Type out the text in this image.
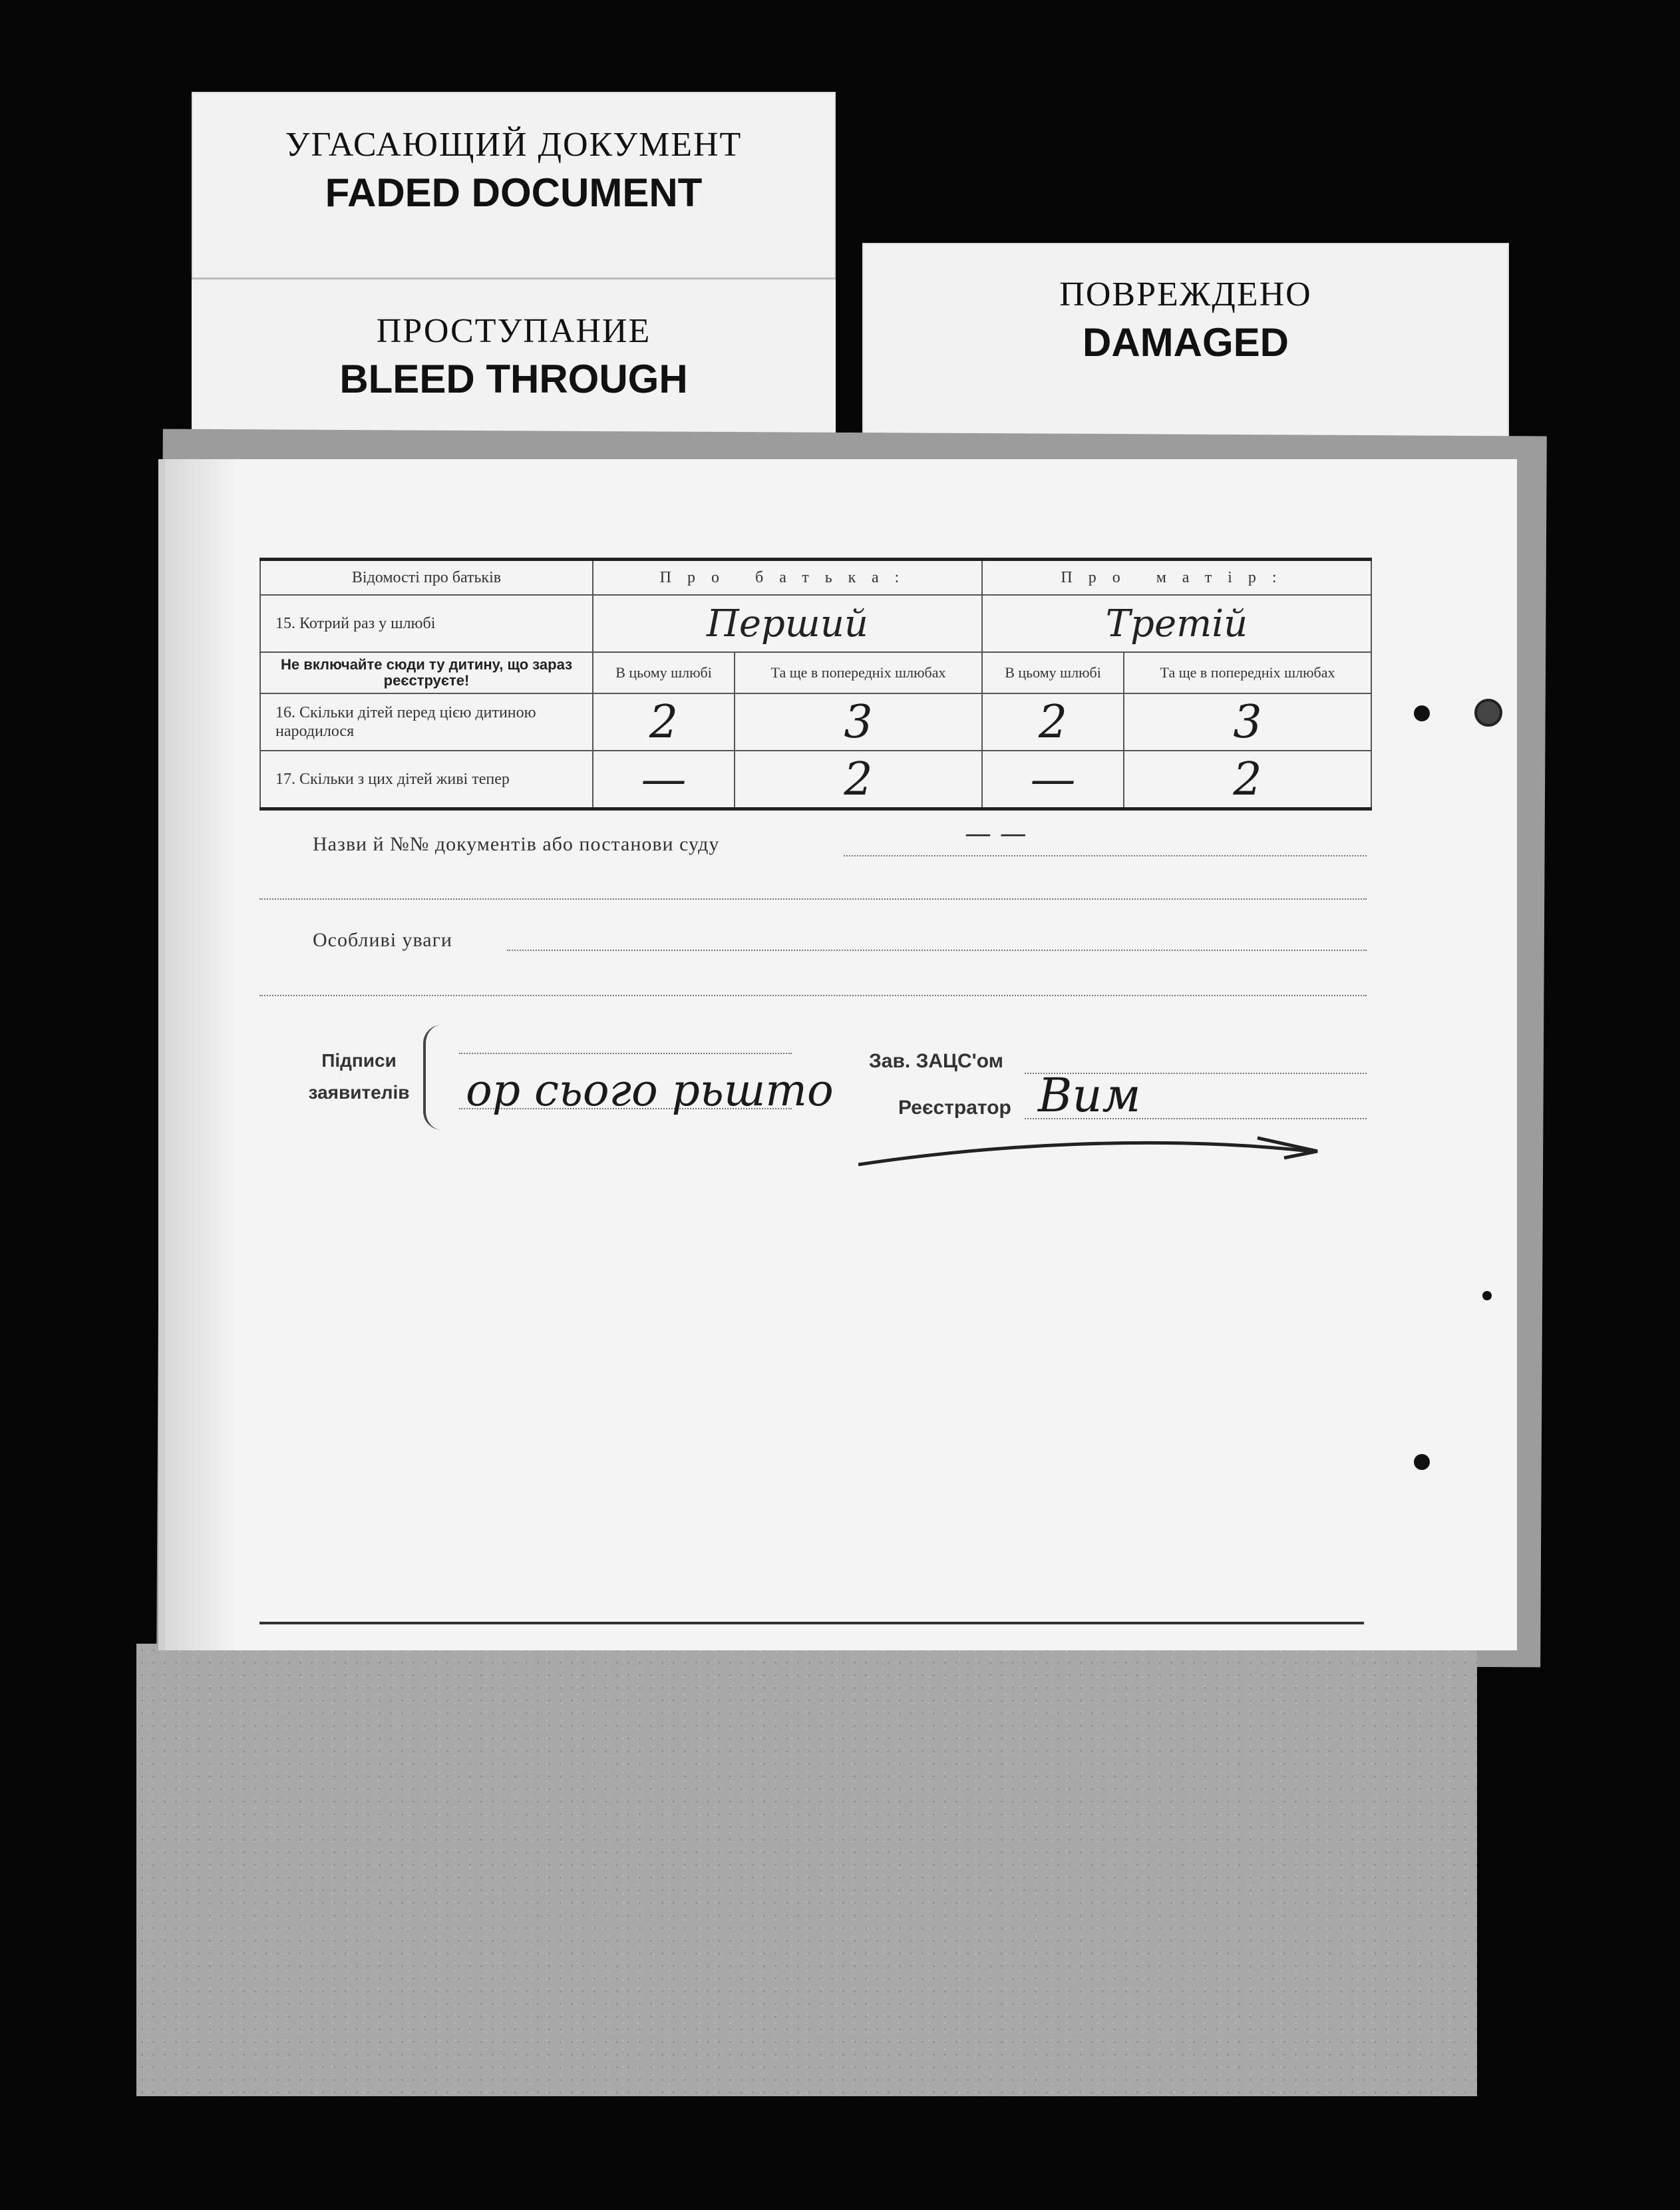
УГАСАЮЩИЙ ДОКУМЕНТ
FADED DOCUMENT
ПРОСТУПАНИЕ
BLEED THROUGH
ПОВРЕЖДЕНО
DAMAGED
Відомості про батьків	Про батька:		Про матір:	
15. Котрий раз у шлюбі	Перший		Третій	
Не включайте сюди ту дитину, що зараз реєструєте!	В цьому шлюбі	Та ще в попередніх шлюбах	В цьому шлюбі	Та ще в попередніх шлюбах
16. Скільки дітей перед цією дитиною народилося	2	3	2	3
17. Скільки з цих дітей живі тепер	—	2	—	2
Назви й №№ документів або постанови суду	— —
Особливі уваги
Підписи
заявителів ор сього рьшто
Зав. ЗАЦС'ом
Реєстратор Вим
